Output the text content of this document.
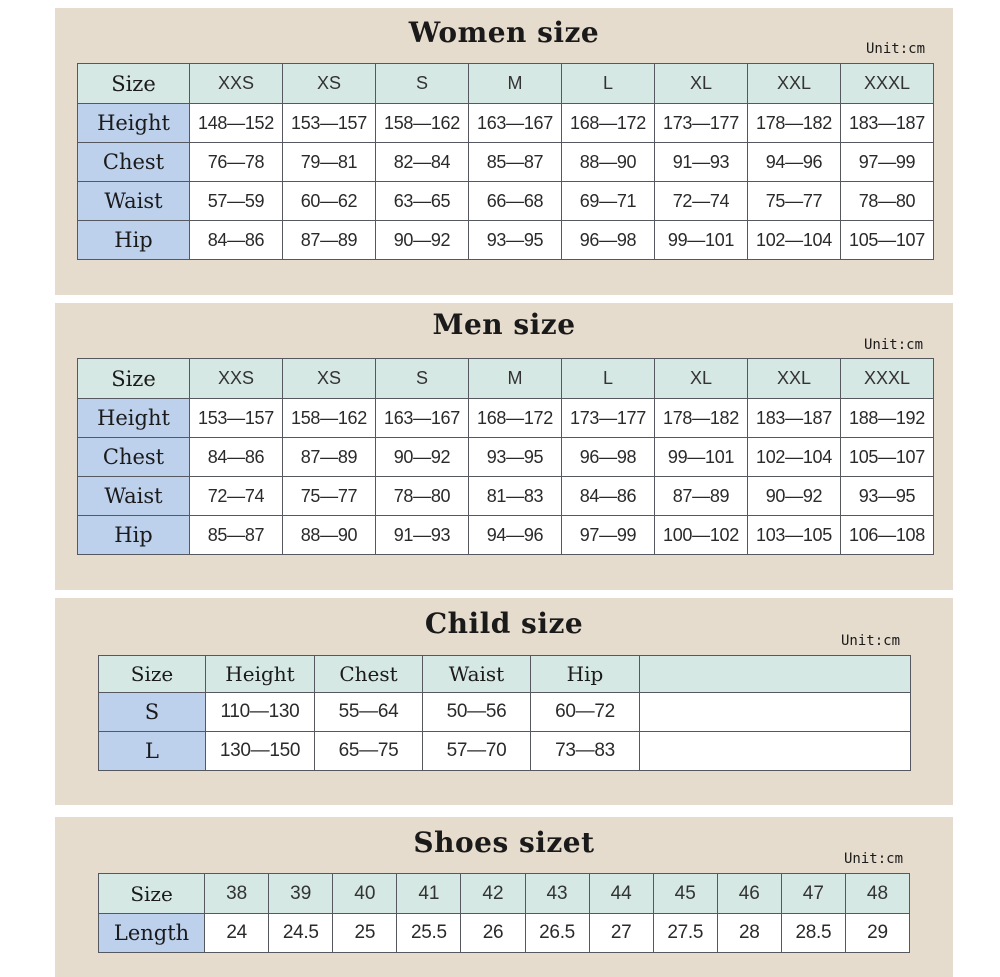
Women size	Unit:cm
Size	XXS	XS	S	M	L	XL	XXL	XXXL
Height	148—152	153—157	158—162	163—167	168—172	173—177	178—182	183—187
Chest	76—78	79—81	82—84	85—87	88—90	91—93	94—96	97—99
Waist	57—59	60—62	63—65	66—68	69—71	72—74	75—77	78—80
Hip	84—86	87—89	90—92	93—95	96—98	99—101	102—104	105—107
Men size
Unit:cm
Size	XXS	XS	S	M	L	XL	XXL	XXXL
Height	153—157	158—162	163—167	168—172	173—177	178—182	183—187	188—192
Chest	84—86	87—89	90—92	93—95	96—98	99—101	102—104	105—107
Waist	72—74	75—77	78—80	81—83	84—86	87—89	90—92	93—95
Hip	85—87	88—90	91—93	94—96	97—99	100—102	103—105	106—108
Child size
Unit:cm
Size	Height	Chest	Waist	Hip	
S	110—130	55—64	50—56	60—72	
L	130—150	65—75	57—70	73—83	
Shoes sizet	Unit:cm
Size	38	39	40	41	42	43	44	45	46	47	48
Length	24	24.5	25	25.5	26	26.5	27	27.5	28	28.5	29
